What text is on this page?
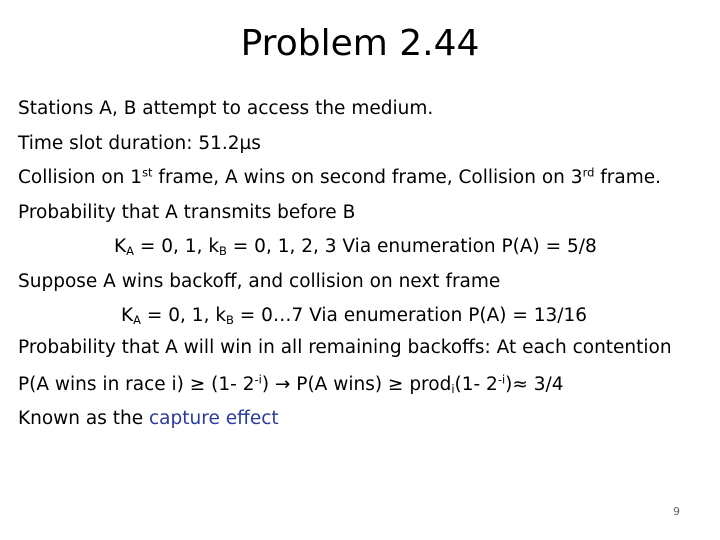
Problem 2.44
Stations A, B attempt to access the medium.
Time slot duration: 51.2µs
Collision on 1st frame, A wins on second frame, Collision on 3rd frame.
Probability that A transmits before B
$K_A = 0$, 1, $k_B = 0$, 1, 2, 3 Via enumeration P(A) = 5/8
Suppose A wins backoff, and collision on next frame
$K_A = 0$, 1, $k_B$ = 0…7 Via enumeration P(A) = 13/16
Probability that A will win in all remaining backoffs: At each contention
P(A wins in race i) ≥ (1- $2^{-i}) \to P(A$ wins) ≥ prod$_i$(1- $2^{-i})\approx 3/4$
Known as the capture effect
9
